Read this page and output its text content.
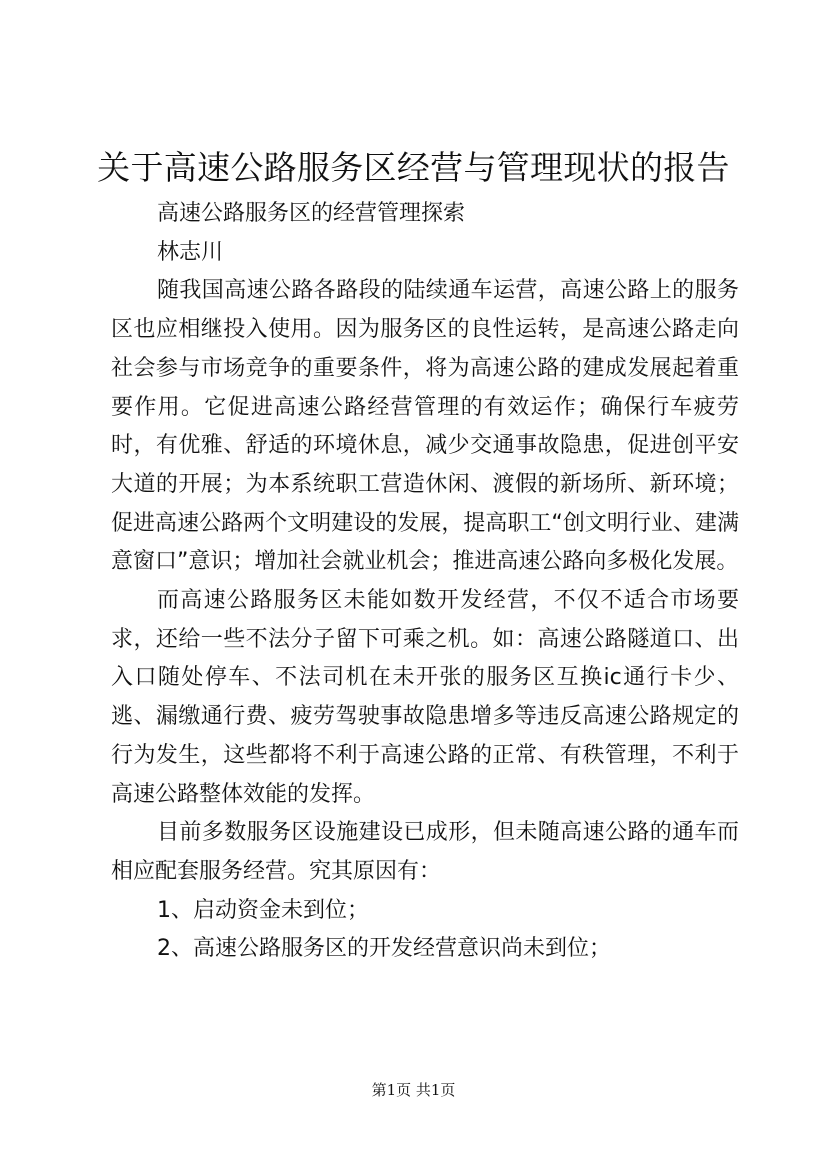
关于高速公路服务区经营与管理现状的报告

高速公路服务区的经营管理探索

林志川

随我国高速公路各路段的陆续通车运营，高速公路上的服务区也应相继投入使用。因为服务区的良性运转，是高速公路走向社会参与市场竞争的重要条件，将为高速公路的建成发展起着重要作用。它促进高速公路经营管理的有效运作；确保行车疲劳时，有优雅、舒适的环境休息，减少交通事故隐患，促进创平安大道的开展；为本系统职工营造休闲、渡假的新场所、新环境；促进高速公路两个文明建设的发展，提高职工“创文明行业、建满意窗口”意识；增加社会就业机会；推进高速公路向多极化发展。

而高速公路服务区未能如数开发经营，不仅不适合市场要求，还给一些不法分子留下可乘之机。如：高速公路隧道口、出入口随处停车、不法司机在未开张的服务区互换ic通行卡少、逃、漏缴通行费、疲劳驾驶事故隐患增多等违反高速公路规定的行为发生，这些都将不利于高速公路的正常、有秩管理，不利于高速公路整体效能的发挥。

目前多数服务区设施建设已成形，但未随高速公路的通车而相应配套服务经营。究其原因有：

1、启动资金未到位；

2、高速公路服务区的开发经营意识尚未到位；

第1页 共1页
